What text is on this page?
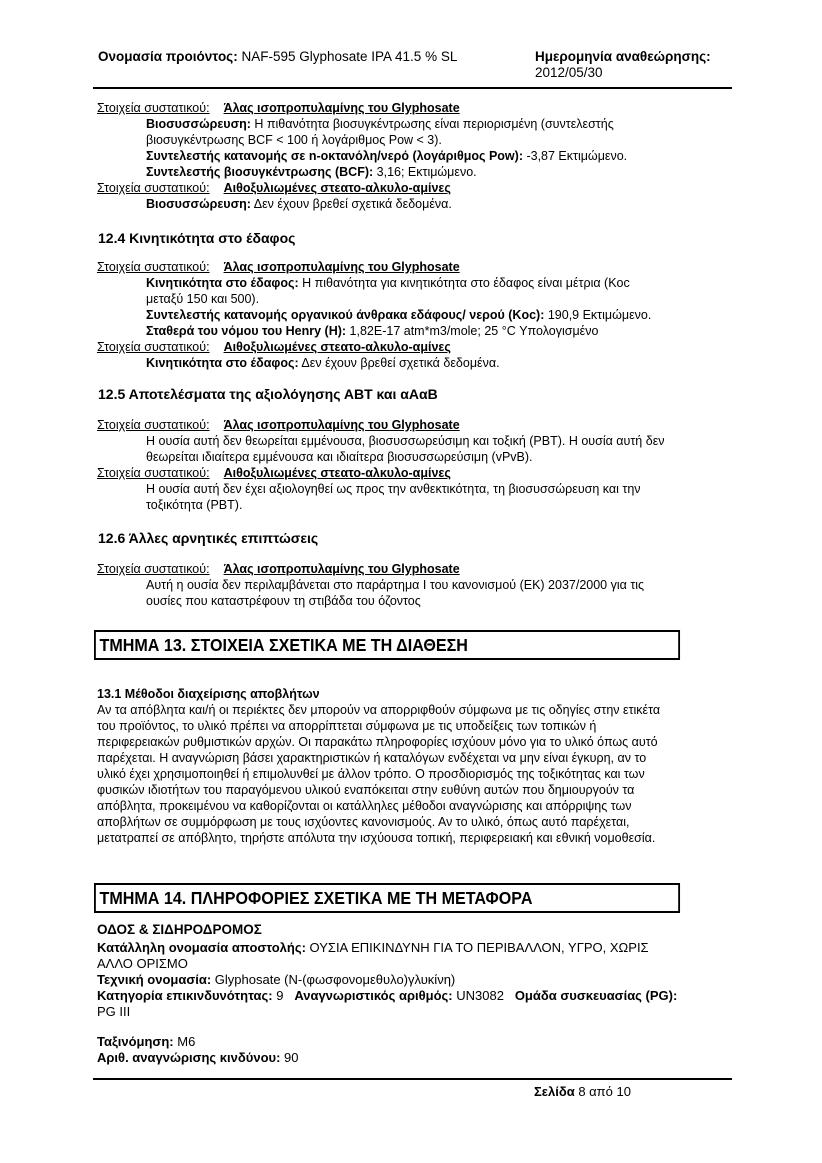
Ονομασία προιόντος: NAF-595 Glyphosate IPA 41.5 % SL	Ημερομηνία αναθεώρησης:
2012/05/30
Στοιχεία συστατικού: Άλας ισοπροπυλαμίνης του Glyphosate
Βιοσυσσώρευση: Η πιθανότητα βιοσυγκέντρωσης είναι περιορισμένη (συντελεστής
βιοσυγκέντρωσης BCF < 100 ή λογάριθμος Pow < 3).
Συντελεστής κατανομής σε n-οκτανόλη/νερό (λογάριθμος Pow): -3,87 Εκτιμώμενο.
Συντελεστής βιοσυγκέντρωσης (BCF): 3,16; Εκτιμώμενο.
Στοιχεία συστατικού: Αιθοξυλιωμένες στεατο-αλκυλο-αμίνες
Βιοσυσσώρευση: Δεν έχουν βρεθεί σχετικά δεδομένα.
12.4 Κινητικότητα στο έδαφος
Στοιχεία συστατικού: Άλας ισοπροπυλαμίνης του Glyphosate
Κινητικότητα στο έδαφος: Η πιθανότητα για κινητικότητα στο έδαφος είναι μέτρια (Koc
μεταξύ 150 και 500).
Συντελεστής κατανομής οργανικού άνθρακα εδάφους/ νερού (Koc): 190,9 Εκτιμώμενο.
Σταθερά του νόμου του Henry (H): 1,82E-17 atm*m3/mole; 25 °C Υπολογισμένο
Στοιχεία συστατικού: Αιθοξυλιωμένες στεατο-αλκυλο-αμίνες
Κινητικότητα στο έδαφος: Δεν έχουν βρεθεί σχετικά δεδομένα.
12.5 Αποτελέσματα της αξιολόγησης ΑΒΤ και αΑαΒ
Στοιχεία συστατικού: Άλας ισοπροπυλαμίνης του Glyphosate
Η ουσία αυτή δεν θεωρείται εμμένουσα, βιοσυσσωρεύσιμη και τοξική (PBT). Η ουσία αυτή δεν
θεωρείται ιδιαίτερα εμμένουσα και ιδιαίτερα βιοσυσσωρεύσιμη (vPvB).
Στοιχεία συστατικού: Αιθοξυλιωμένες στεατο-αλκυλο-αμίνες
Η ουσία αυτή δεν έχει αξιολογηθεί ως προς την ανθεκτικότητα, τη βιοσυσσώρευση και την
τοξικότητα (PBT).
12.6 Άλλες αρνητικές επιπτώσεις
Στοιχεία συστατικού: Άλας ισοπροπυλαμίνης του Glyphosate
Αυτή η ουσία δεν περιλαμβάνεται στο παράρτημα I του κανονισμού (ΕΚ) 2037/2000 για τις
ουσίες που καταστρέφουν τη στιβάδα του όζοντος
ΤΜΗΜΑ 13. ΣΤΟΙΧΕΙΑ ΣΧΕΤΙΚΑ ΜΕ ΤΗ ΔΙΑΘΕΣΗ
13.1 Μέθοδοι διαχείρισης αποβλήτων
Αν τα απόβλητα και/ή οι περιέκτες δεν μπορούν να απορριφθούν σύμφωνα με τις οδηγίες στην ετικέτα
του προϊόντος, το υλικό πρέπει να απορρίπτεται σύμφωνα με τις υποδείξεις των τοπικών ή
περιφερειακών ρυθμιστικών αρχών. Οι παρακάτω πληροφορίες ισχύουν μόνο για το υλικό όπως αυτό
παρέχεται. Η αναγνώριση βάσει χαρακτηριστικών ή καταλόγων ενδέχεται να μην είναι έγκυρη, αν το
υλικό έχει χρησιμοποιηθεί ή επιμολυνθεί με άλλον τρόπο. Ο προσδιορισμός της τοξικότητας και των
φυσικών ιδιοτήτων του παραγόμενου υλικού εναπόκειται στην ευθύνη αυτών που δημιουργούν τα
απόβλητα, προκειμένου να καθορίζονται οι κατάλληλες μέθοδοι αναγνώρισης και απόρριψης των
αποβλήτων σε συμμόρφωση με τους ισχύοντες κανονισμούς. Αν το υλικό, όπως αυτό παρέχεται,
μετατραπεί σε απόβλητο, τηρήστε απόλυτα την ισχύουσα τοπική, περιφερειακή και εθνική νομοθεσία.
ΤΜΗΜΑ 14. ΠΛΗΡΟΦΟΡΙΕΣ ΣΧΕΤΙΚΑ ΜΕ ΤΗ ΜΕΤΑΦΟΡΑ
ΟΔΟΣ & ΣΙΔΗΡΟΔΡΟΜΟΣ
Κατάλληλη ονομασία αποστολής: ΟΥΣΙΑ ΕΠΙΚΙΝΔΥΝΗ ΓΙΑ ΤΟ ΠΕΡΙΒΑΛΛΟΝ, ΥΓΡΟ, ΧΩΡΙΣ
ΑΛΛΟ ΟΡΙΣΜΟ
Τεχνική ονομασία: Glyphosate (N-(φωσφονομεθυλο)γλυκίνη)
Κατηγορία επικινδυνότητας: 9 Αναγνωριστικός αριθμός: UN3082 Ομάδα συσκευασίας (PG):
PG III
Ταξινόμηση: M6
Αριθ. αναγνώρισης κινδύνου: 90
Σελίδα 8 από 10
